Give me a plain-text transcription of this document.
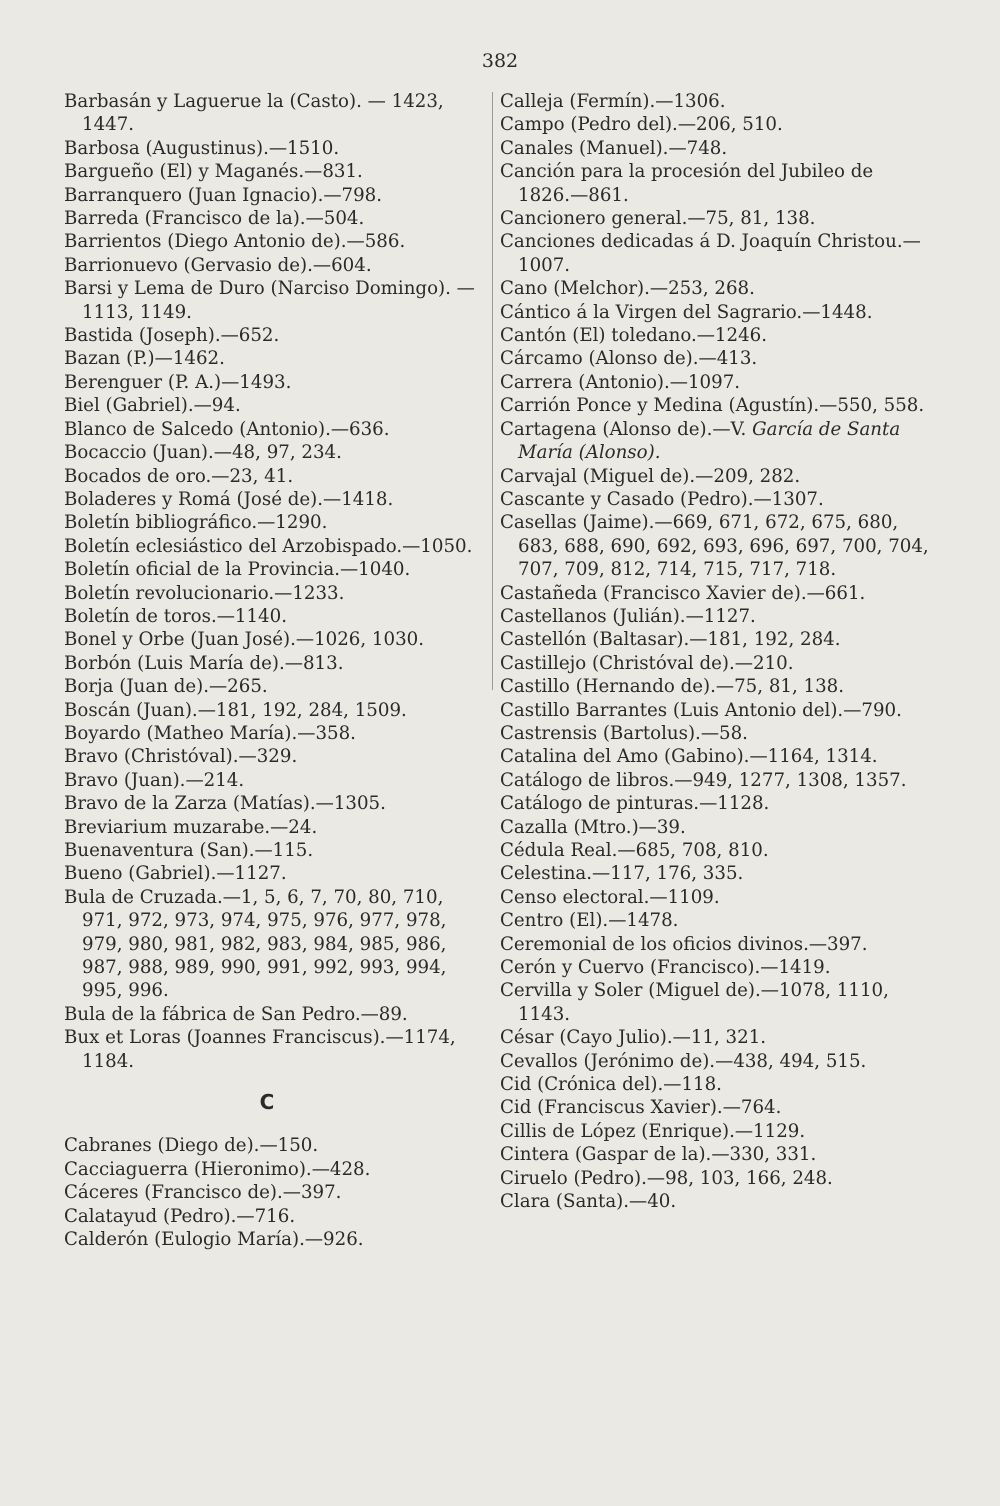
382
Barbasán y Laguerue la (Casto). — 1423, 1447.
Barbosa (Augustinus).—1510.
Bargueño (El) y Maganés.—831.
Barranquero (Juan Ignacio).—798.
Barreda (Francisco de la).—504.
Barrientos (Diego Antonio de).—586.
Barrionuevo (Gervasio de).—604.
Barsi y Lema de Duro (Narciso Domingo). —1113, 1149.
Bastida (Joseph).—652.
Bazan (P.)—1462.
Berenguer (P. A.)—1493.
Biel (Gabriel).—94.
Blanco de Salcedo (Antonio).—636.
Bocaccio (Juan).—48, 97, 234.
Bocados de oro.—23, 41.
Boladeres y Romá (José de).—1418.
Boletín bibliográfico.—1290.
Boletín eclesiástico del Arzobispado.—1050.
Boletín oficial de la Provincia.—1040.
Boletín revolucionario.—1233.
Boletín de toros.—1140.
Bonel y Orbe (Juan José).—1026, 1030.
Borbón (Luis María de).—813.
Borja (Juan de).—265.
Boscán (Juan).—181, 192, 284, 1509.
Boyardo (Matheo María).—358.
Bravo (Christóval).—329.
Bravo (Juan).—214.
Bravo de la Zarza (Matías).—1305.
Breviarium muzarabe.—24.
Buenaventura (San).—115.
Bueno (Gabriel).—1127.
Bula de Cruzada.—1, 5, 6, 7, 70, 80, 710, 971, 972, 973, 974, 975, 976, 977, 978, 979, 980, 981, 982, 983, 984, 985, 986, 987, 988, 989, 990, 991, 992, 993, 994, 995, 996.
Bula de la fábrica de San Pedro.—89.
Bux et Loras (Joannes Franciscus).—1174, 1184.
C
Cabranes (Diego de).—150.
Cacciaguerra (Hieronimo).—428.
Cáceres (Francisco de).—397.
Calatayud (Pedro).—716.
Calderón (Eulogio María).—926.
Calleja (Fermín).—1306.
Campo (Pedro del).—206, 510.
Canales (Manuel).—748.
Canción para la procesión del Jubileo de 1826.—861.
Cancionero general.—75, 81, 138.
Canciones dedicadas á D. Joaquín Christou.—1007.
Cano (Melchor).—253, 268.
Cántico á la Virgen del Sagrario.—1448.
Cantón (El) toledano.—1246.
Cárcamo (Alonso de).—413.
Carrera (Antonio).—1097.
Carrión Ponce y Medina (Agustín).—550, 558.
Cartagena (Alonso de).—V. García de Santa María (Alonso).
Carvajal (Miguel de).—209, 282.
Cascante y Casado (Pedro).—1307.
Casellas (Jaime).—669, 671, 672, 675, 680, 683, 688, 690, 692, 693, 696, 697, 700, 704, 707, 709, 812, 714, 715, 717, 718.
Castañeda (Francisco Xavier de).—661.
Castellanos (Julián).—1127.
Castellón (Baltasar).—181, 192, 284.
Castillejo (Christóval de).—210.
Castillo (Hernando de).—75, 81, 138.
Castillo Barrantes (Luis Antonio del).—790.
Castrensis (Bartolus).—58.
Catalina del Amo (Gabino).—1164, 1314.
Catálogo de libros.—949, 1277, 1308, 1357.
Catálogo de pinturas.—1128.
Cazalla (Mtro.)—39.
Cédula Real.—685, 708, 810.
Celestina.—117, 176, 335.
Censo electoral.—1109.
Centro (El).—1478.
Ceremonial de los oficios divinos.—397.
Cerón y Cuervo (Francisco).—1419.
Cervilla y Soler (Miguel de).—1078, 1110, 1143.
César (Cayo Julio).—11, 321.
Cevallos (Jerónimo de).—438, 494, 515.
Cid (Crónica del).—118.
Cid (Franciscus Xavier).—764.
Cillis de López (Enrique).—1129.
Cintera (Gaspar de la).—330, 331.
Ciruelo (Pedro).—98, 103, 166, 248.
Clara (Santa).—40.
